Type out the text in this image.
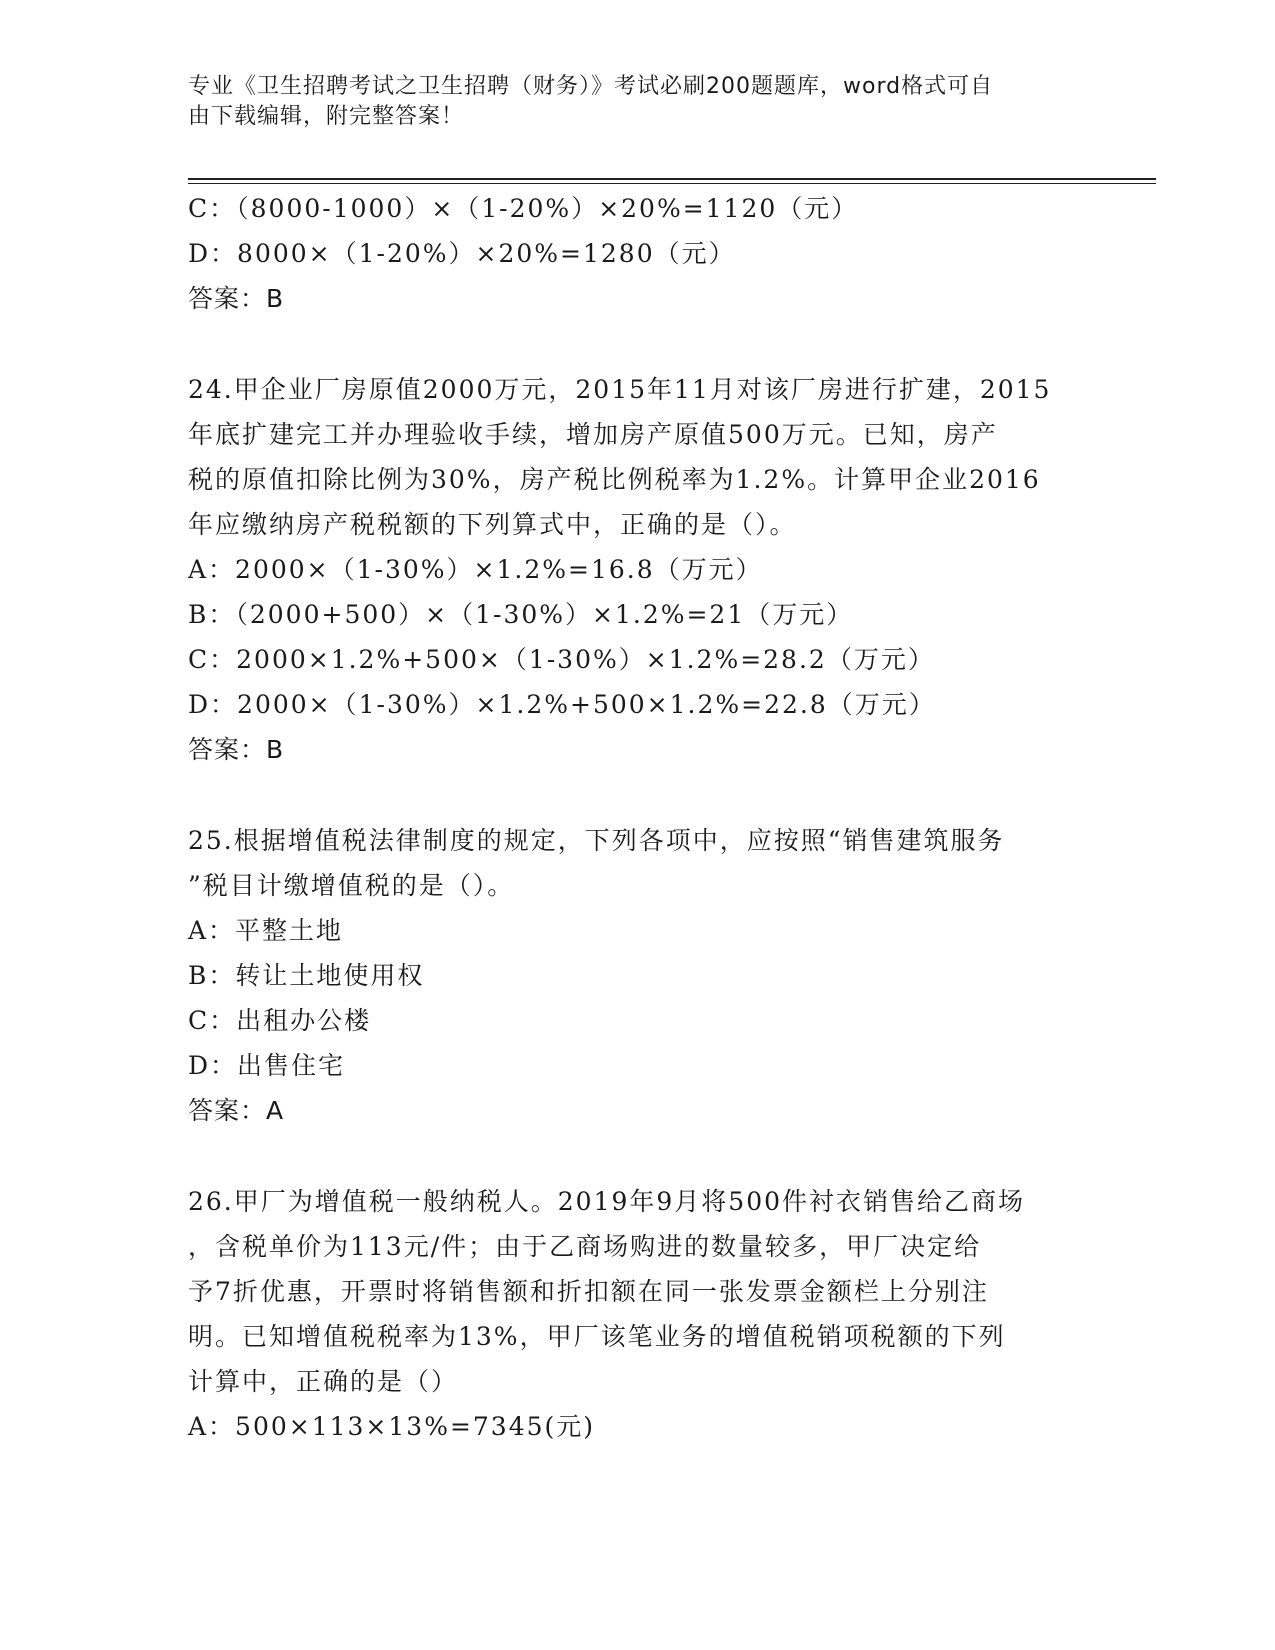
专业《卫生招聘考试之卫生招聘（财务）》考试必刷200题题库，word格式可自
由下载编辑，附完整答案！
C：（8000-1000）×（1-20%）×20%=1120（元）
D：8000×（1-20%）×20%=1280（元）
答案：B
24.甲企业厂房原值2000万元，2015年11月对该厂房进行扩建，2015
年底扩建完工并办理验收手续，增加房产原值500万元。已知，房产
税的原值扣除比例为30%，房产税比例税率为1.2%。计算甲企业2016
年应缴纳房产税税额的下列算式中，正确的是（）。
A：2000×（1-30%）×1.2%=16.8（万元）
B：（2000+500）×（1-30%）×1.2%=21（万元）
C：2000×1.2%+500×（1-30%）×1.2%=28.2（万元）
D：2000×（1-30%）×1.2%+500×1.2%=22.8（万元）
答案：B
25.根据增值税法律制度的规定，下列各项中，应按照“销售建筑服务
”税目计缴增值税的是（）。
A：平整土地
B：转让土地使用权
C：出租办公楼
D：出售住宅
答案：A
26.甲厂为增值税一般纳税人。2019年9月将500件衬衣销售给乙商场
，含税单价为113元/件；由于乙商场购进的数量较多，甲厂决定给
予7折优惠，开票时将销售额和折扣额在同一张发票金额栏上分别注
明。已知增值税税率为13%，甲厂该笔业务的增值税销项税额的下列
计算中，正确的是（）
A：500×113×13%=7345(元)
